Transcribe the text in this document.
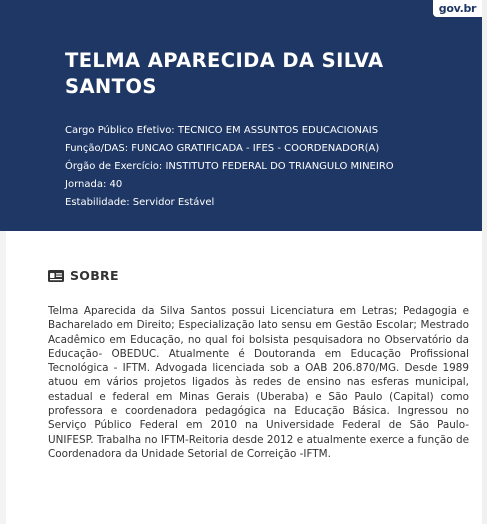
gov.br
TELMA APARECIDA DA SILVA SANTOS
Cargo Público Efetivo: TECNICO EM ASSUNTOS EDUCACIONAIS
Função/DAS: FUNCAO GRATIFICADA - IFES - COORDENADOR(A)
Órgão de Exercício: INSTITUTO FEDERAL DO TRIANGULO MINEIRO
Jornada: 40
Estabilidade: Servidor Estável
SOBRE

Telma Aparecida da Silva Santos possui Licenciatura em Letras; Pedagogia e Bacharelado em Direito; Especialização lato sensu em Gestão Escolar; Mestrado Acadêmico em Educação, no qual foi bolsista pesquisadora no Observatório da Educação- OBEDUC. Atualmente é Doutoranda em Educação Profissional Tecnológica - IFTM. Advogada licenciada sob a OAB 206.870/MG. Desde 1989 atuou em vários projetos ligados às redes de ensino nas esferas municipal, estadual e federal em Minas Gerais (Uberaba) e São Paulo (Capital) como professora e coordenadora pedagógica na Educação Básica. Ingressou no Serviço Público Federal em 2010 na Universidade Federal de São Paulo- UNIFESP. Trabalha no IFTM-Reitoria desde 2012 e atualmente exerce a função de Coordenadora da Unidade Setorial de Correição -IFTM.
